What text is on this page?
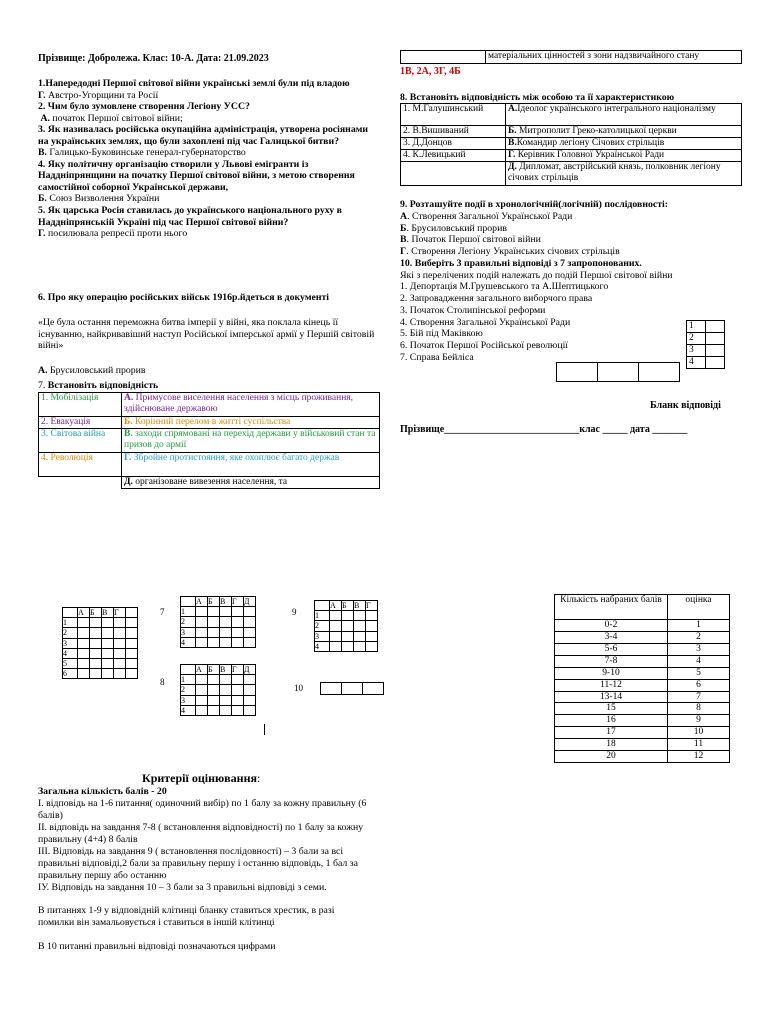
Прізвище: Добролежа. Клас: 10-А. Дата: 21.09.2023
1.Напередодні Першої світової війни українські землі були під владою
Г. Австро-Угорщини та Росії
2. Чим було зумовлене створення Легіону УСС?
А. початок Першої світової війни;
3. Як називалась російська окупаційна адміністрація, утворена росіянами на українських землях, що були захоплені під час Галицької битви?
В. Галицько-Буковинське генерал-губернаторство
4. Яку політичну організацію створили у Львові емігранти із Наддніпрянщини на початку Першої світової війни, з метою створення самостійної соборної Української держави,
Б. Союз Визволення України
5. Як царська Росія ставилась до українського національного руху в Наддніпрянській Україні під час Першої світової війни?
Г. посилювала репресії проти нього
6. Про яку операцію російських військ 1916р.йдеться в документі
«Це була остання переможна битва імперії у війні, яка поклала кінець її існуванню, найкривавіший наступ Російської імперської армії у Першій світовій війні»
А. Брусиловський прорив
7. Встановіть відповідність
1. Мобілізація	А. Примусове виселення населення з місць проживання, здійснюване державою
2. Евакуація	Б. Корінний перелом в житті суспільства
3. Світова війна	В. заходи спрямовані на перехід держави у військовий стан та призов до армії
4. Революція	Г. Збройне протистояння, яке охоплює багато держав
	Д. організоване вивезення населення, та
	матеріальних цінностей з зони надзвичайного стану
1В, 2А, 3Г, 4Б
8. Встановіть відповідність між особою та її характеристикою
1. М.Галушинський	А.Ідеолог українського інтегрального націоналізму
2. В.Вишиваний	Б. Митрополит Греко-католицької церкви
3. Д.Донцов	В.Командир легіону Січових стрільців
4. К.Левицький	Г. Керівник Головної Української Ради
	Д. Дипломат, австрійський князь, полковник легіону січових стрільців
9. Розташуйте події в хронологічній(логічній) послідовності:
А. Створення Загальної Української Ради
Б. Брусиловський прорив
В. Початок Першої світової війни
Г. Створення Легіону Українських січових стрільців
10. Виберіть 3 правильні відповіді з 7 запропонованих.
Які з перелічених подій належать до подій Першої світової війни
1. Депортація М.Грушевського та А.Шептицького
2. Запровадження загального виборчого права
3. Початок Столипінської реформи
4. Створення Загальної Української Ради
5. Бій під Маківкою
6. Початок Першої Російської революції
7. Справа Бейліса
1	
2	
3	
4	

Бланк відповіді
Прізвище___________________________клас _____ дата _______
	А	Б	В	Г	
1					
2					
3					
4					
5					
6					
7
	А	Б	В	Г	Д
1					
2					
3					
4					
8
	А	Б	В	Г	Д
1					
2					
3					
4					
9
	А	Б	В	Г
1				
2				
3				
4				
10

Кількість набраних балів	оцінка
0-2	1
3-4	2
5-6	3
7-8	4
9-10	5
11-12	6
13-14	7
15	8
16	9
17	10
18	11
20	12
Критерії оцінювання:
Загальна кількість балів - 20
І. відповідь на 1-6 питання( одиночний вибір) по 1 балу за кожну правильну (6 балів)
ІІ. відповідь на завдання 7-8 ( встановлення відповідності) по 1 балу за кожну правильну (4+4) 8 балів
ІІІ. Відповідь на завдання 9 ( встановлення послідовності) – 3 бали за всі правильні відповіді,2 бали за правильну першу і останню відповідь, 1 бал за правильну першу або останню
ІУ. Відповідь на завдання 10 – 3 бали за 3 правильні відповіді з семи.
В питаннях 1-9 у відповідній клітинці бланку ставиться хрестик, в разі помилки він замальовується і ставиться в іншій клітинці
В 10 питанні правильні відповіді позначаються цифрами
